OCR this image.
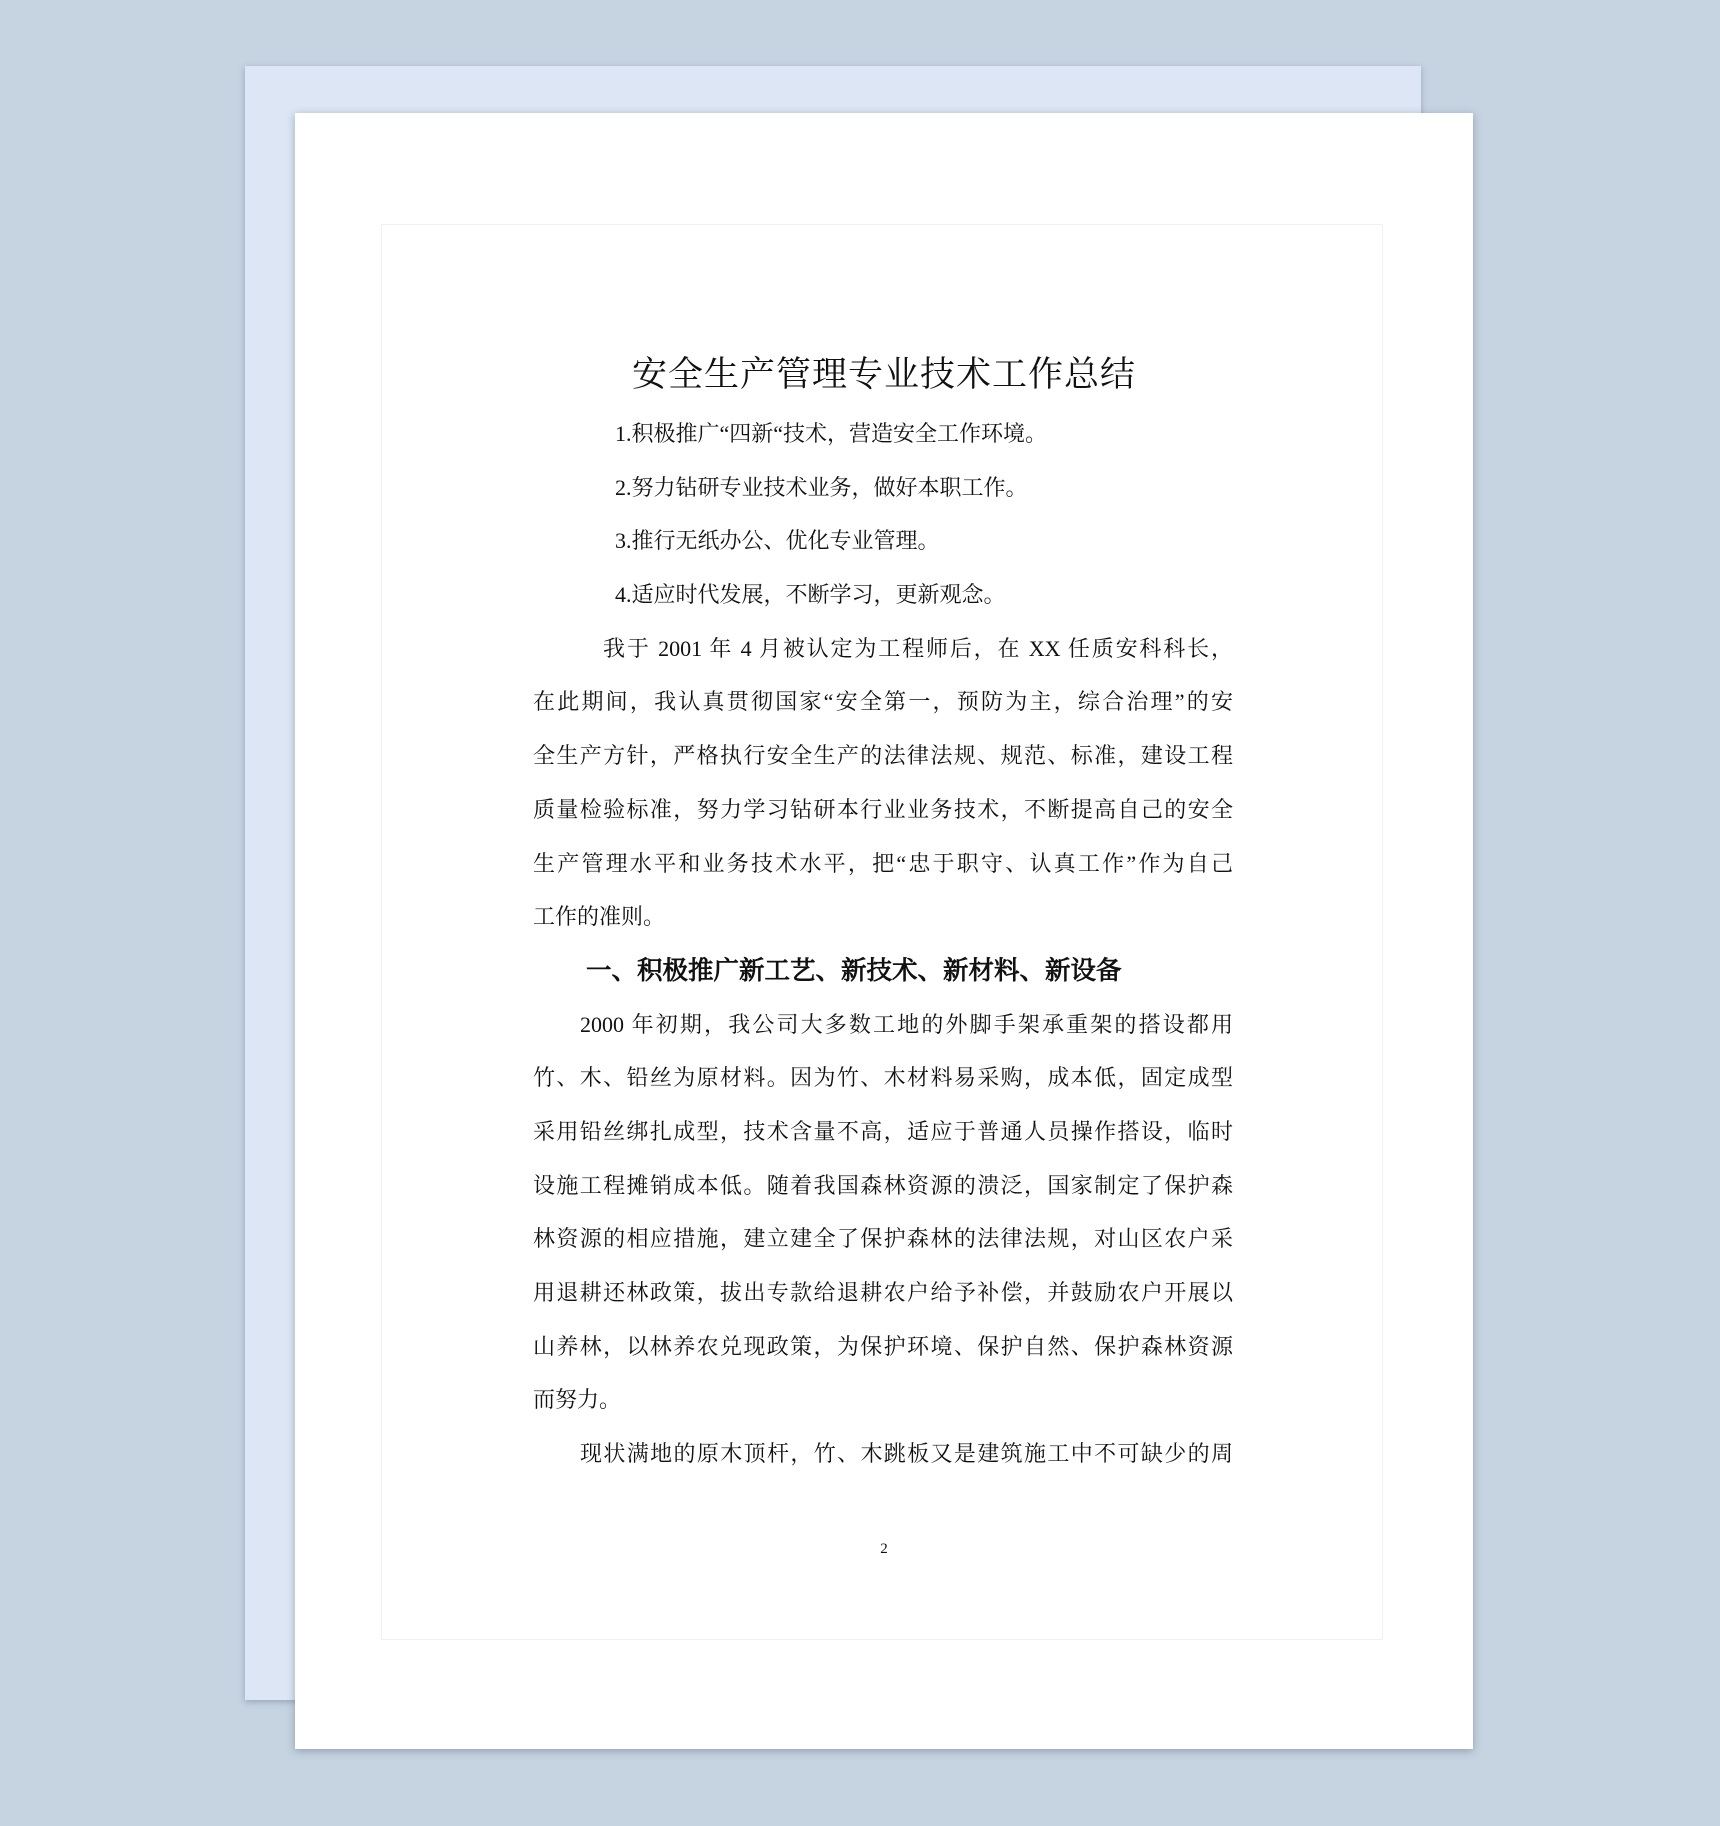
安全生产管理专业技术工作总结
1.积极推广“四新“技术，营造安全工作环境。
2.努力钻研专业技术业务，做好本职工作。
3.推行无纸办公、优化专业管理。
4.适应时代发展，不断学习，更新观念。
我于 2001 年 4 月被认定为工程师后，在 XX 任质安科科长，
在此期间，我认真贯彻国家“安全第一，预防为主，综合治理”的安
全生产方针，严格执行安全生产的法律法规、规范、标准，建设工程
质量检验标准，努力学习钻研本行业业务技术，不断提高自己的安全
生产管理水平和业务技术水平，把“忠于职守、认真工作”作为自己
工作的准则。
一、积极推广新工艺、新技术、新材料、新设备
2000 年初期，我公司大多数工地的外脚手架承重架的搭设都用
竹、木、铅丝为原材料。因为竹、木材料易采购，成本低，固定成型
采用铅丝绑扎成型，技术含量不高，适应于普通人员操作搭设，临时
设施工程摊销成本低。随着我国森林资源的溃泛，国家制定了保护森
林资源的相应措施，建立建全了保护森林的法律法规，对山区农户采
用退耕还林政策，拔出专款给退耕农户给予补偿，并鼓励农户开展以
山养林，以林养农兑现政策，为保护环境、保护自然、保护森林资源
而努力。
现状满地的原木顶杆，竹、木跳板又是建筑施工中不可缺少的周
2
